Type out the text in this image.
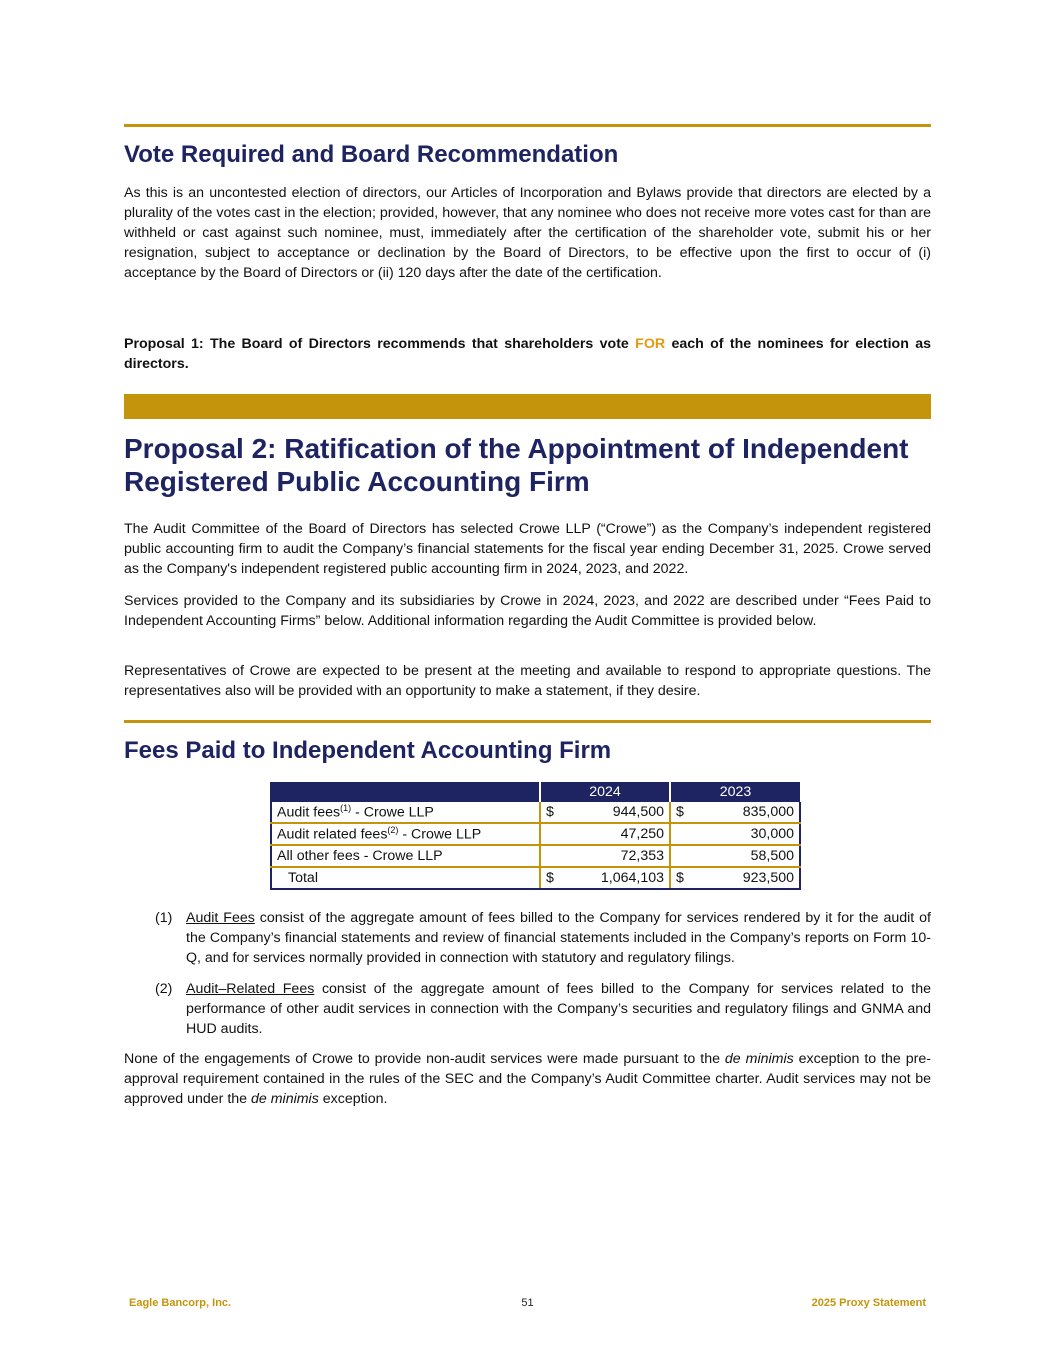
Vote Required and Board Recommendation

As this is an uncontested election of directors, our Articles of Incorporation and Bylaws provide that directors are elected by a plurality of the votes cast in the election; provided, however, that any nominee who does not receive more votes cast for than are withheld or cast against such nominee, must, immediately after the certification of the shareholder vote, submit his or her resignation, subject to acceptance or declination by the Board of Directors, to be effective upon the first to occur of (i) acceptance by the Board of Directors or (ii) 120 days after the date of the certification.

Proposal 1: The Board of Directors recommends that shareholders vote FOR each of the nominees for election as directors.

Proposal 2: Ratification of the Appointment of Independent Registered Public Accounting Firm

The Audit Committee of the Board of Directors has selected Crowe LLP (“Crowe”) as the Company’s independent registered public accounting firm to audit the Company’s financial statements for the fiscal year ending December 31, 2025. Crowe served as the Company's independent registered public accounting firm in 2024, 2023, and 2022.

Services provided to the Company and its subsidiaries by Crowe in 2024, 2023, and 2022 are described under “Fees Paid to Independent Accounting Firms” below. Additional information regarding the Audit Committee is provided below.

Representatives of Crowe are expected to be present at the meeting and available to respond to appropriate questions. The representatives also will be provided with an opportunity to make a statement, if they desire.

Fees Paid to Independent Accounting Firm
	2024	2023
Audit fees$^{(1)}$ - Crowe LLP	$ 944,500	$ 835,000

Audit related fees$^{(2)}$ - Crowe LLP	47,250	30,000

All other fees - Crowe LLP	72,353	58,500

Total	$ 1,064,103	$ 923,500
(1) Audit Fees consist of the aggregate amount of fees billed to the Company for services rendered by it for the audit of the Company’s financial statements and review of financial statements included in the Company’s reports on Form 10-Q, and for services normally provided in connection with statutory and regulatory filings.
(2) Audit–Related Fees consist of the aggregate amount of fees billed to the Company for services related to the performance of other audit services in connection with the Company’s securities and regulatory filings and GNMA and HUD audits.

None of the engagements of Crowe to provide non-audit services were made pursuant to the de minimis exception to the pre-approval requirement contained in the rules of the SEC and the Company’s Audit Committee charter. Audit services may not be approved under the de minimis exception.

Eagle Bancorp, Inc.	51	2025 Proxy Statement
